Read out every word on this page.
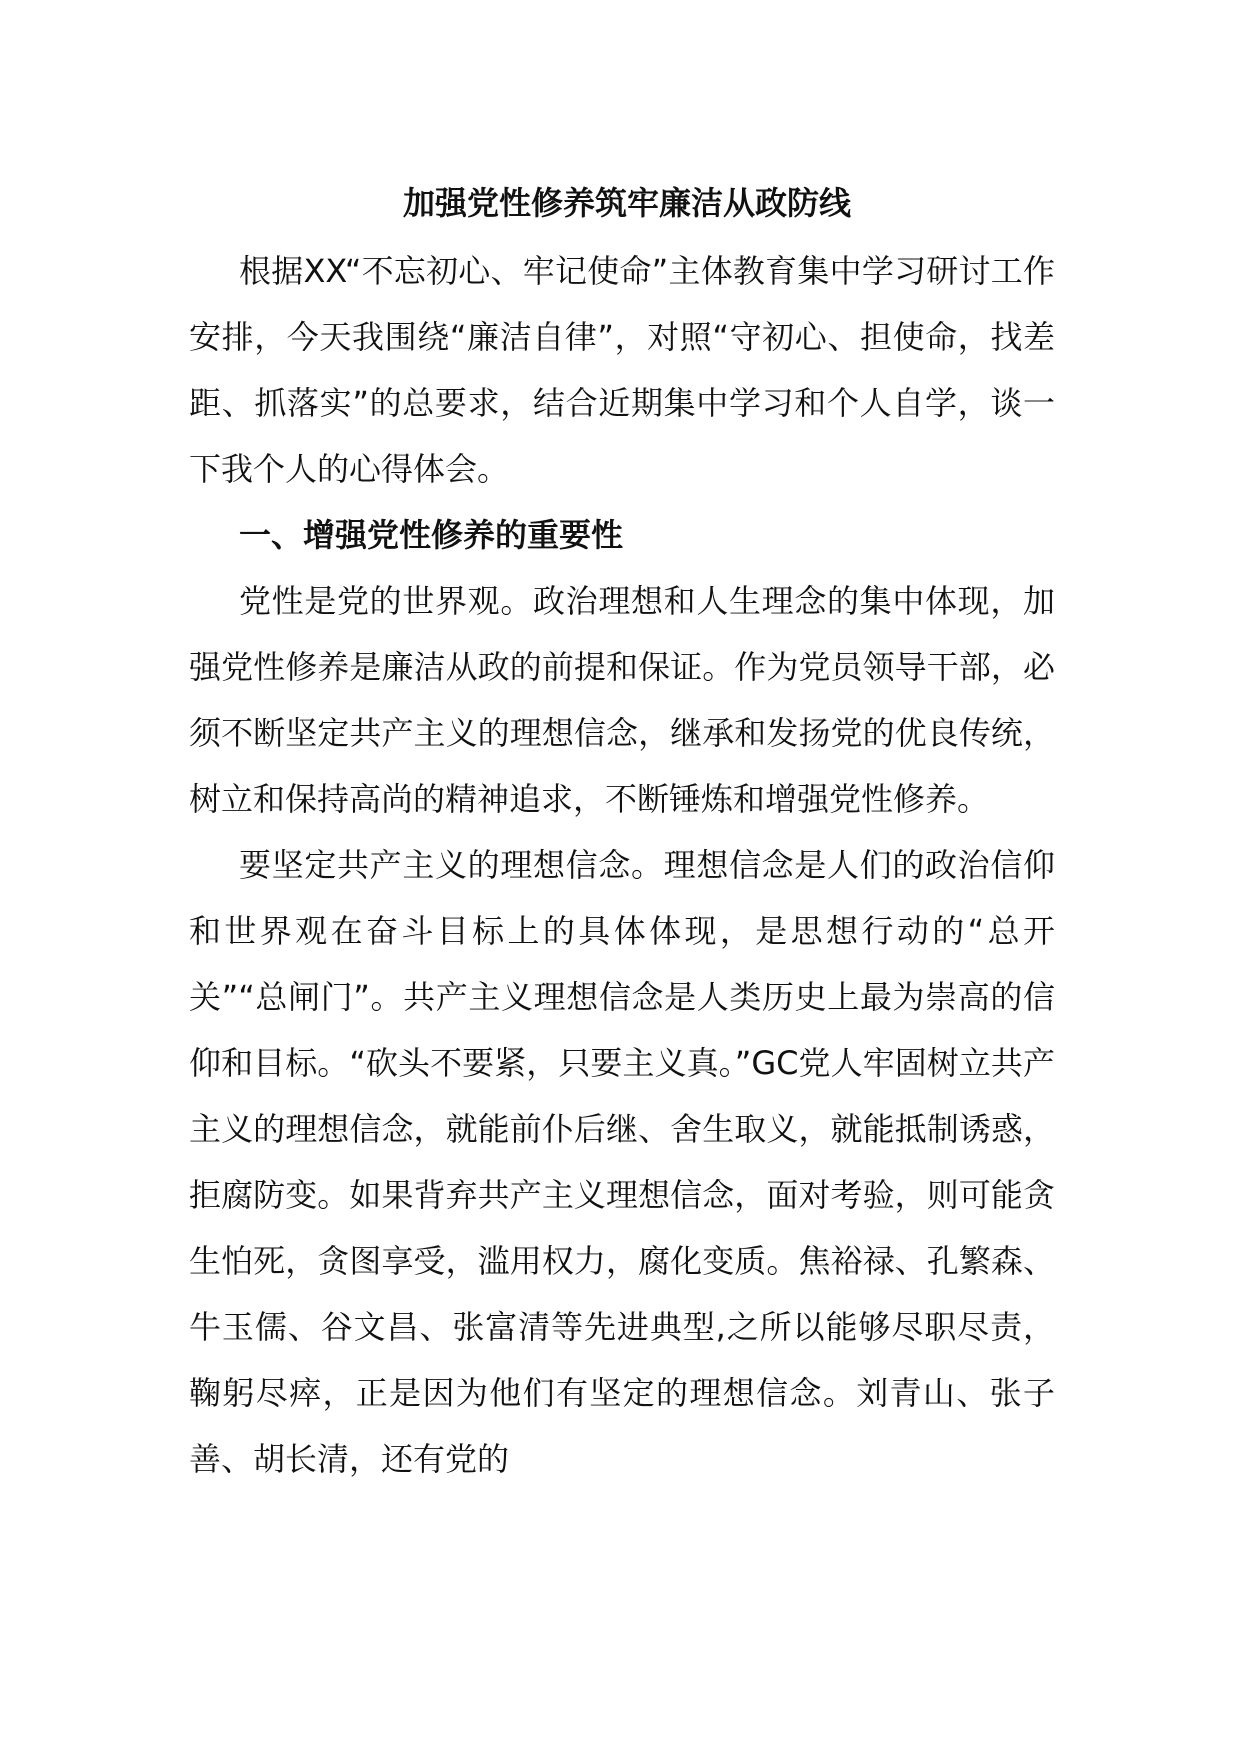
加强党性修养筑牢廉洁从政防线

根据XX“不忘初心、牢记使命”主体教育集中学习研讨工作安排，今天我围绕“廉洁自律”，对照“守初心、担使命，找差距、抓落实”的总要求，结合近期集中学习和个人自学，谈一下我个人的心得体会。

一、增强党性修养的重要性

党性是党的世界观。政治理想和人生理念的集中体现，加强党性修养是廉洁从政的前提和保证。作为党员领导干部，必须不断坚定共产主义的理想信念，继承和发扬党的优良传统，树立和保持高尚的精神追求，不断锤炼和增强党性修养。

要坚定共产主义的理想信念。理想信念是人们的政治信仰和世界观在奋斗目标上的具体体现，是思想行动的“总开关”“总闸门”。共产主义理想信念是人类历史上最为崇高的信仰和目标。“砍头不要紧，只要主义真。”GC党人牢固树立共产主义的理想信念，就能前仆后继、舍生取义，就能抵制诱惑，拒腐防变。如果背弃共产主义理想信念，面对考验，则可能贪生怕死，贪图享受，滥用权力，腐化变质。焦裕禄、孔繁森、牛玉儒、谷文昌、张富清等先进典型,之所以能够尽职尽责，鞠躬尽瘁，正是因为他们有坚定的理想信念。刘青山、张子善、胡长清，还有党的
